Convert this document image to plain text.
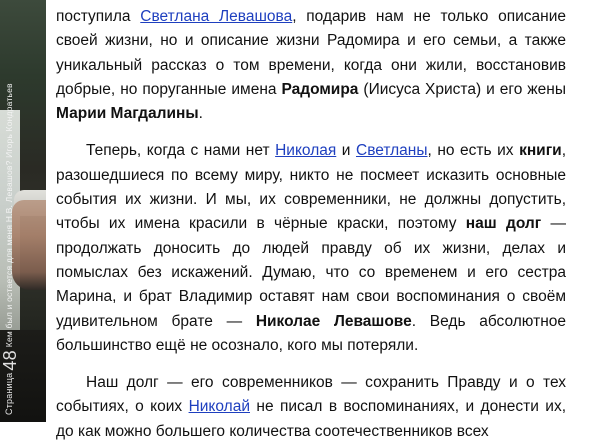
Страница48Кем был и остается для меня Н.В. Левашов? Игорь Кондратьев

поступила Светлана Левашова, подарив нам не только описание своей жизни, но и описание жизни Радомира и его семьи, а также уникальный рассказ о том времени, когда они жили, восстановив добрые, но поруганные имена Радомира (Иисуса Христа) и его жены Марии Магдалины.

Теперь, когда с нами нет Николая и Светланы, но есть их книги, разошедшиеся по всему миру, никто не посмеет исказить основные события их жизни. И мы, их современники, не должны допустить, чтобы их имена красили в чёрные краски, поэтому наш долг — продолжать доносить до людей правду об их жизни, делах и помыслах без искажений. Думаю, что со временем и его сестра Марина, и брат Владимир оставят нам свои воспоминания о своём удивительном брате — Николае Левашове. Ведь абсолютное большинство ещё не осознало, кого мы потеряли.

Наш долг — его современников — сохранить Правду и о тех событиях, о коих Николай не писал в воспоминаниях, и донести их, до как можно большего количества соотечественников всех
